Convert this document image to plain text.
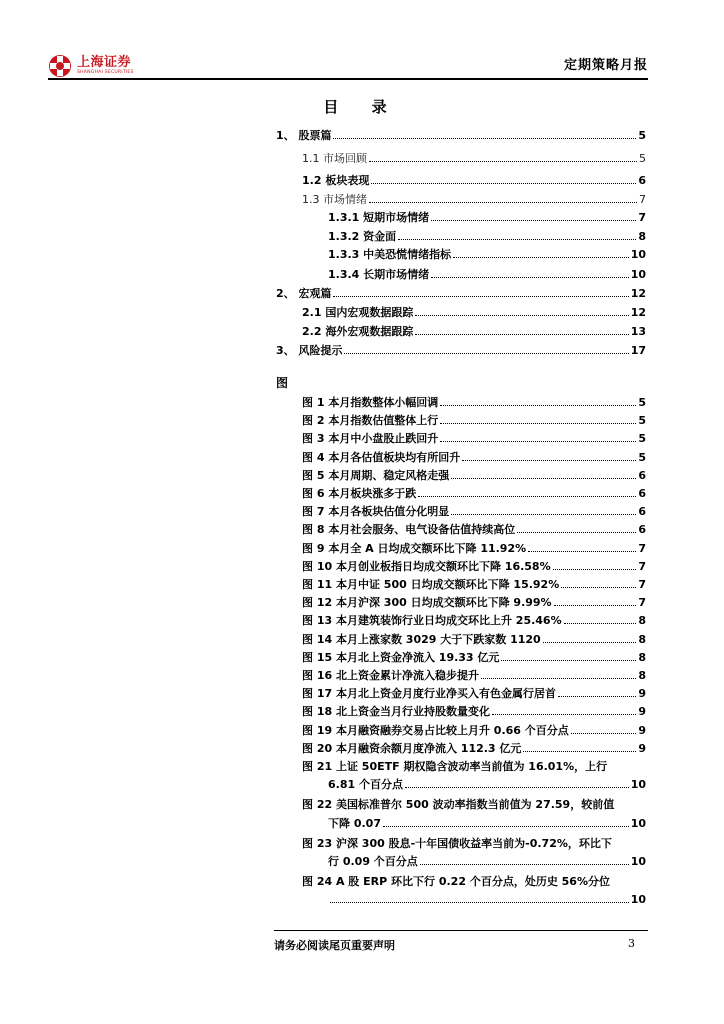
上海证券
SHANGHAI SECURITIES	定期策略月报
目 录
1、 股票篇	5
1.1 市场回顾	5
1.2 板块表现	6
1.3 市场情绪	7
1.3.1 短期市场情绪	7
1.3.2 资金面	8
1.3.3 中美恐慌情绪指标	10
1.3.4 长期市场情绪	10
2、 宏观篇	12
2.1 国内宏观数据跟踪	12
2.2 海外宏观数据跟踪	13
3、 风险提示	17
图
图 1 本月指数整体小幅回调	5
图 2 本月指数估值整体上行	5
图 3 本月中小盘股止跌回升	5
图 4 本月各估值板块均有所回升	5
图 5 本月周期、稳定风格走强	6
图 6 本月板块涨多于跌	6
图 7 本月各板块估值分化明显	6
图 8 本月社会服务、电气设备估值持续高位	6
图 9 本月全 A 日均成交额环比下降 11.92%	7
图 10 本月创业板指日均成交额环比下降 16.58%	7
图 11 本月中证 500 日均成交额环比下降 15.92%	7
图 12 本月沪深 300 日均成交额环比下降 9.99%	7
图 13 本月建筑装饰行业日均成交环比上升 25.46%	8
图 14 本月上涨家数 3029 大于下跌家数 1120	8
图 15 本月北上资金净流入 19.33 亿元	8
图 16 北上资金累计净流入稳步提升	8
图 17 本月北上资金月度行业净买入有色金属行居首	9
图 18 北上资金当月行业持股数量变化	9
图 19 本月融资融券交易占比较上月升 0.66 个百分点	9
图 20 本月融资余额月度净流入 112.3 亿元	9
图 21 上证 50ETF 期权隐含波动率当前值为 16.01%，上行
6.81 个百分点	10
图 22 美国标准普尔 500 波动率指数当前值为 27.59，较前值
下降 0.07	10
图 23 沪深 300 股息-十年国债收益率当前为-0.72%，环比下
行 0.09 个百分点	10
图 24 A 股 ERP 环比下行 0.22 个百分点，处历史 56%分位
10
请务必阅读尾页重要声明	3
